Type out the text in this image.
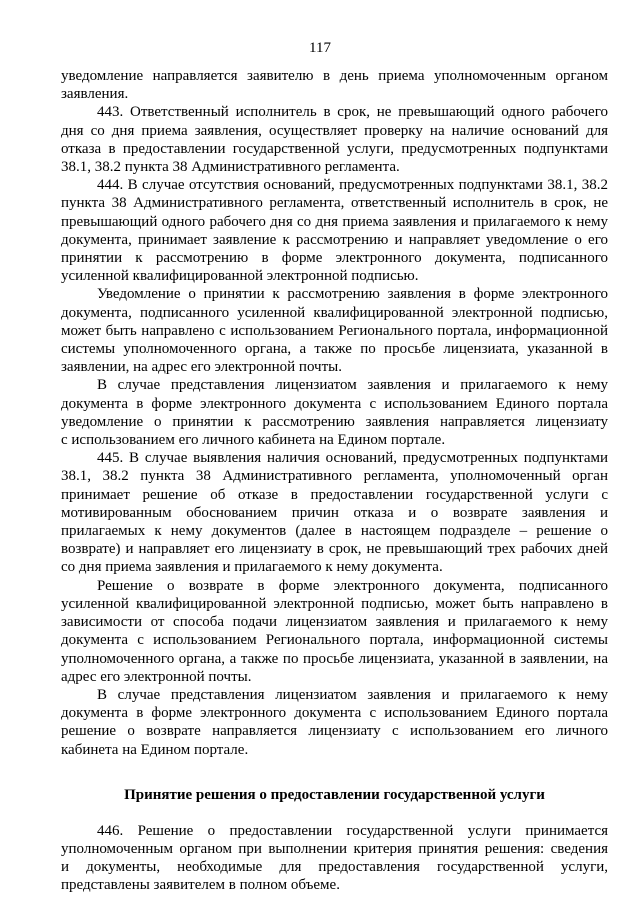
117
уведомление направляется заявителю в день приема уполномоченным органом
заявления.
443. Ответственный исполнитель в срок, не превышающий одного рабочего
дня со дня приема заявления, осуществляет проверку на наличие оснований для
отказа в предоставлении государственной услуги, предусмотренных подпунктами
38.1, 38.2 пункта 38 Административного регламента.
444. В случае отсутствия оснований, предусмотренных подпунктами 38.1, 38.2
пункта 38 Административного регламента, ответственный исполнитель в срок, не
превышающий одного рабочего дня со дня приема заявления и прилагаемого к нему
документа, принимает заявление к рассмотрению и направляет уведомление о его
принятии к рассмотрению в форме электронного документа, подписанного
усиленной квалифицированной электронной подписью.
Уведомление о принятии к рассмотрению заявления в форме электронного
документа, подписанного усиленной квалифицированной электронной подписью,
может быть направлено с использованием Регионального портала, информационной
системы уполномоченного органа, а также по просьбе лицензиата, указанной в
заявлении, на адрес его электронной почты.
В случае представления лицензиатом заявления и прилагаемого к нему
документа в форме электронного документа с использованием Единого портала
уведомление о принятии к рассмотрению заявления направляется лицензиату
с использованием его личного кабинета на Едином портале.
445. В случае выявления наличия оснований, предусмотренных подпунктами
38.1, 38.2 пункта 38 Административного регламента, уполномоченный орган
принимает решение об отказе в предоставлении государственной услуги с
мотивированным обоснованием причин отказа и о возврате заявления и
прилагаемых к нему документов (далее в настоящем подразделе – решение о
возврате) и направляет его лицензиату в срок, не превышающий трех рабочих дней
со дня приема заявления и прилагаемого к нему документа.
Решение о возврате в форме электронного документа, подписанного
усиленной квалифицированной электронной подписью, может быть направлено в
зависимости от способа подачи лицензиатом заявления и прилагаемого к нему
документа с использованием Регионального портала, информационной системы
уполномоченного органа, а также по просьбе лицензиата, указанной в заявлении, на
адрес его электронной почты.
В случае представления лицензиатом заявления и прилагаемого к нему
документа в форме электронного документа с использованием Единого портала
решение о возврате направляется лицензиату с использованием его личного
кабинета на Едином портале.
Принятие решения о предоставлении государственной услуги
446. Решение о предоставлении государственной услуги принимается
уполномоченным органом при выполнении критерия принятия решения: сведения
и документы, необходимые для предоставления государственной услуги,
представлены заявителем в полном объеме.
